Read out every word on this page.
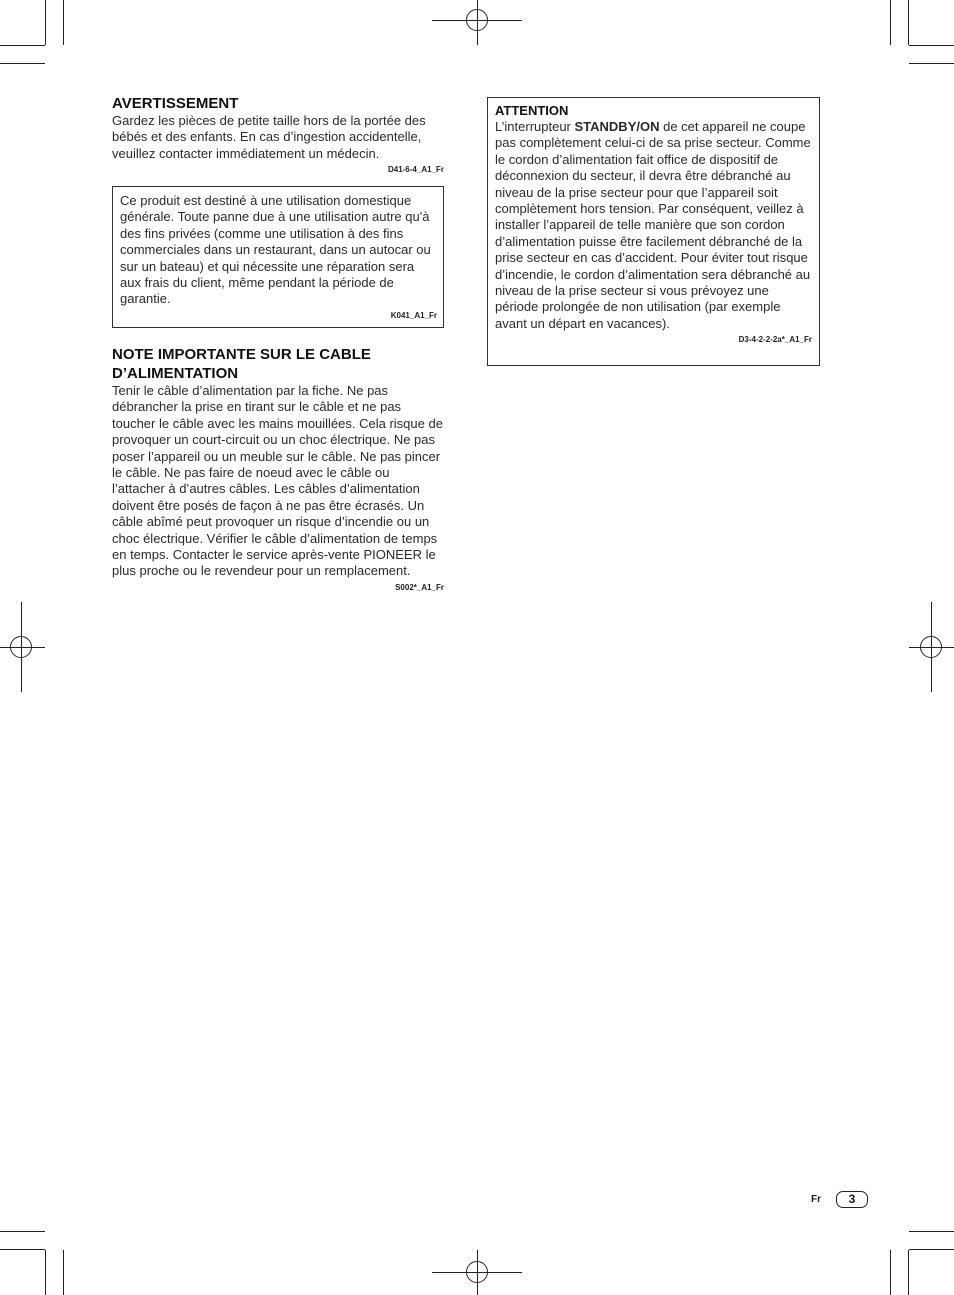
AVERTISSEMENT
Gardez les pièces de petite taille hors de la portée des bébés et des enfants. En cas d’ingestion accidentelle, veuillez contacter immédiatement un médecin.
D41-6-4_A1_Fr
Ce produit est destiné à une utilisation domestique générale. Toute panne due à une utilisation autre qu'à des fins privées (comme une utilisation à des fins commerciales dans un restaurant, dans un autocar ou sur un bateau) et qui nécessite une réparation sera aux frais du client, même pendant la période de garantie.
K041_A1_Fr
NOTE IMPORTANTE SUR LE CABLE D’ALIMENTATION
Tenir le câble d’alimentation par la fiche. Ne pas débrancher la prise en tirant sur le câble et ne pas toucher le câble avec les mains mouillées. Cela risque de provoquer un court-circuit ou un choc électrique. Ne pas poser l’appareil ou un meuble sur le câble. Ne pas pincer le câble. Ne pas faire de noeud avec le câble ou l’attacher à d’autres câbles. Les câbles d’alimentation doivent être posés de façon à ne pas être écrasés. Un câble abîmé peut provoquer un risque d’incendie ou un choc électrique. Vérifier le câble d’alimentation de temps en temps. Contacter le service après-vente PIONEER le plus proche ou le revendeur pour un remplacement.
S002*_A1_Fr
ATTENTION
L’interrupteur STANDBY/ON de cet appareil ne coupe pas complètement celui-ci de sa prise secteur. Comme le cordon d’alimentation fait office de dispositif de déconnexion du secteur, il devra être débranché au niveau de la prise secteur pour que l’appareil soit complètement hors tension. Par conséquent, veillez à installer l’appareil de telle manière que son cordon d’alimentation puisse être facilement débranché de la prise secteur en cas d’accident. Pour éviter tout risque d’incendie, le cordon d’alimentation sera débranché au niveau de la prise secteur si vous prévoyez une période prolongée de non utilisation (par exemple avant un départ en vacances).
D3-4-2-2-2a*_A1_Fr
Fr	3
